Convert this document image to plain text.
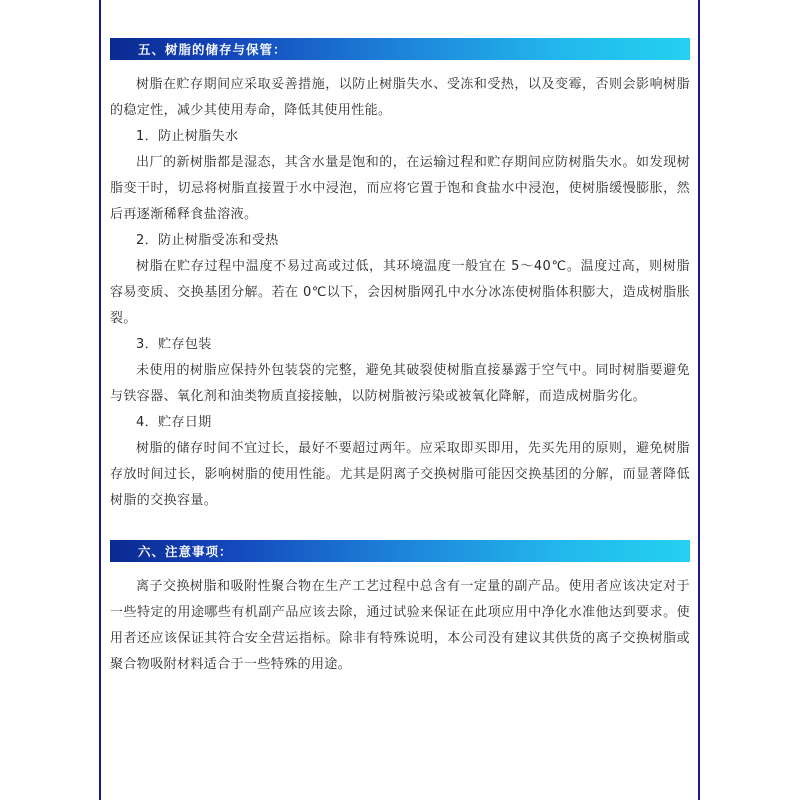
五、树脂的储存与保管：

树脂在贮存期间应采取妥善措施，以防止树脂失水、受冻和受热，以及变霉，否则会影响树脂的稳定性，减少其使用寿命，降低其使用性能。

1．防止树脂失水

出厂的新树脂都是湿态，其含水量是饱和的，在运输过程和贮存期间应防树脂失水。如发现树脂变干时，切忌将树脂直接置于水中浸泡，而应将它置于饱和食盐水中浸泡，使树脂缓慢膨胀，然后再逐渐稀释食盐溶液。

2．防止树脂受冻和受热

树脂在贮存过程中温度不易过高或过低，其环境温度一般宜在 5～40℃。温度过高，则树脂容易变质、交换基团分解。若在 0℃以下，会因树脂网孔中水分冰冻使树脂体积膨大，造成树脂胀裂。

3．贮存包装

未使用的树脂应保持外包装袋的完整，避免其破裂使树脂直接暴露于空气中。同时树脂要避免与铁容器、氧化剂和油类物质直接接触，以防树脂被污染或被氧化降解，而造成树脂劣化。

4．贮存日期

树脂的储存时间不宜过长，最好不要超过两年。应采取即买即用，先买先用的原则，避免树脂存放时间过长，影响树脂的使用性能。尤其是阴离子交换树脂可能因交换基团的分解，而显著降低树脂的交换容量。

六、注意事项：

离子交换树脂和吸附性聚合物在生产工艺过程中总含有一定量的副产品。使用者应该决定对于一些特定的用途哪些有机副产品应该去除，通过试验来保证在此项应用中净化水准他达到要求。使用者还应该保证其符合安全营运指标。除非有特殊说明，本公司没有建议其供货的离子交换树脂或聚合物吸附材料适合于一些特殊的用途。
